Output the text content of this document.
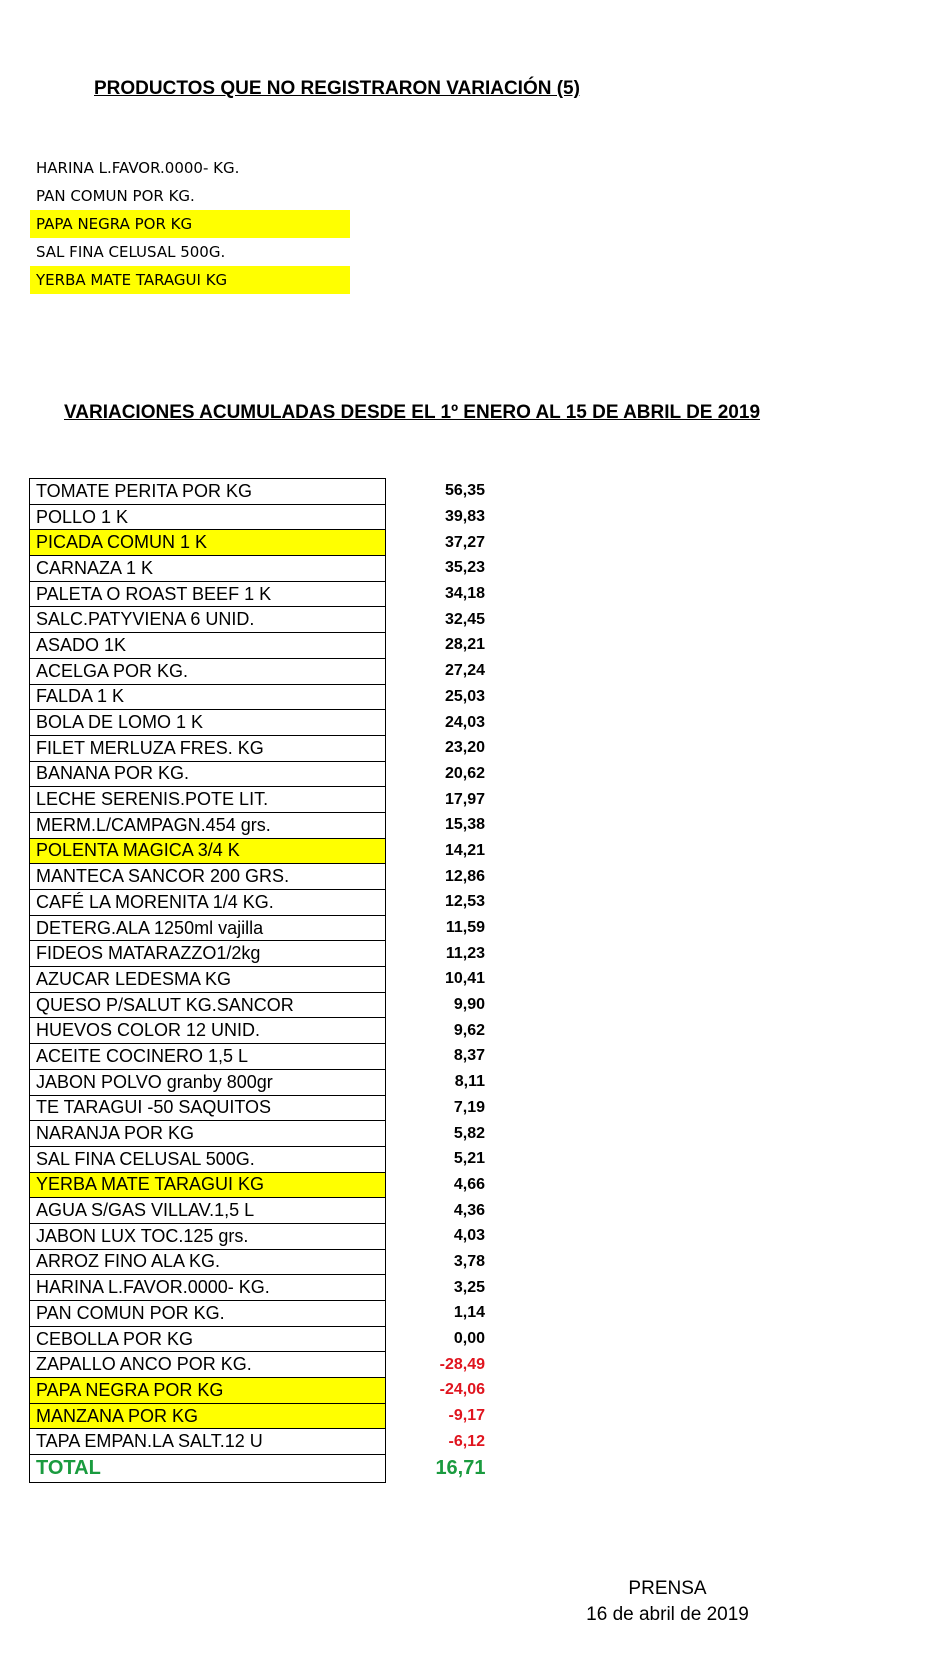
PRODUCTOS QUE NO REGISTRARON VARIACIÓN (5)
HARINA L.FAVOR.0000- KG.
PAN COMUN POR KG.
PAPA NEGRA POR KG
SAL FINA CELUSAL 500G.
YERBA MATE TARAGUI KG
VARIACIONES ACUMULADAS DESDE EL 1º ENERO AL 15 DE ABRIL DE 2019
TOMATE PERITA POR KG	56,35
POLLO 1 K	39,83
PICADA COMUN 1 K	37,27
CARNAZA 1 K	35,23
PALETA O ROAST BEEF 1 K	34,18
SALC.PATYVIENA 6 UNID.	32,45
ASADO 1K	28,21
ACELGA POR KG.	27,24
FALDA 1 K	25,03
BOLA DE LOMO 1 K	24,03
FILET MERLUZA FRES. KG	23,20
BANANA POR KG.	20,62
LECHE SERENIS.POTE LIT.	17,97
MERM.L/CAMPAGN.454 grs.	15,38
POLENTA MAGICA 3/4 K	14,21
MANTECA SANCOR 200 GRS.	12,86
CAFÉ LA MORENITA 1/4 KG.	12,53
DETERG.ALA 1250ml vajilla	11,59
FIDEOS MATARAZZO1/2kg	11,23
AZUCAR LEDESMA KG	10,41
QUESO P/SALUT KG.SANCOR	9,90
HUEVOS COLOR 12 UNID.	9,62
ACEITE COCINERO 1,5 L	8,37
JABON POLVO granby 800gr	8,11
TE TARAGUI -50 SAQUITOS	7,19
NARANJA POR KG	5,82
SAL FINA CELUSAL 500G.	5,21
YERBA MATE TARAGUI KG	4,66
AGUA S/GAS VILLAV.1,5 L	4,36
JABON LUX TOC.125 grs.	4,03
ARROZ FINO ALA KG.	3,78
HARINA L.FAVOR.0000- KG.	3,25
PAN COMUN POR KG.	1,14
CEBOLLA POR KG	0,00
ZAPALLO ANCO POR KG.	-28,49
PAPA NEGRA POR KG	-24,06
MANZANA POR KG	-9,17
TAPA EMPAN.LA SALT.12 U	-6,12
TOTAL	16,71
PRENSA
16 de abril de 2019
